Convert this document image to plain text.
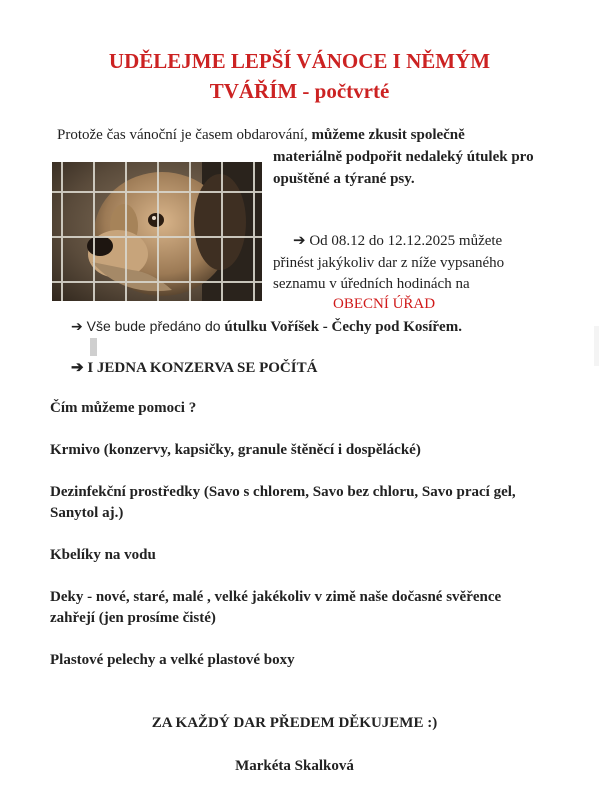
UDĚLEJME LEPŠÍ VÁNOCE I NĚMÝM
TVÁŘÍM - počtvrté
Protože čas vánoční je časem obdarování, můžeme zkusit společně
materiálně podpořit nedaleký útulek pro
opuštěné a týrané psy.
➔ Od 08.12 do 12.12.2025 můžete
přinést jakýkoliv dar z níže vypsaného
seznamu v úředních hodinách na
OBECNÍ ÚŘAD
➔ Vše bude předáno do útulku Voříšek - Čechy pod Kosířem.
➔ I JEDNA KONZERVA SE POČÍTÁ
Čím můžeme pomoci ?
Krmivo (konzervy, kapsičky, granule štěněcí i dospělácké)
Dezinfekční prostředky (Savo s chlorem, Savo bez chloru, Savo prací gel,
Sanytol aj.)
Kbelíky na vodu
Deky - nové, staré, malé , velké jakékoliv v zimě naše dočasné svěřence
zahřejí (jen prosíme čisté)
Plastové pelechy a velké plastové boxy
ZA KAŽDÝ DAR PŘEDEM DĚKUJEME :)
Markéta Skalková
